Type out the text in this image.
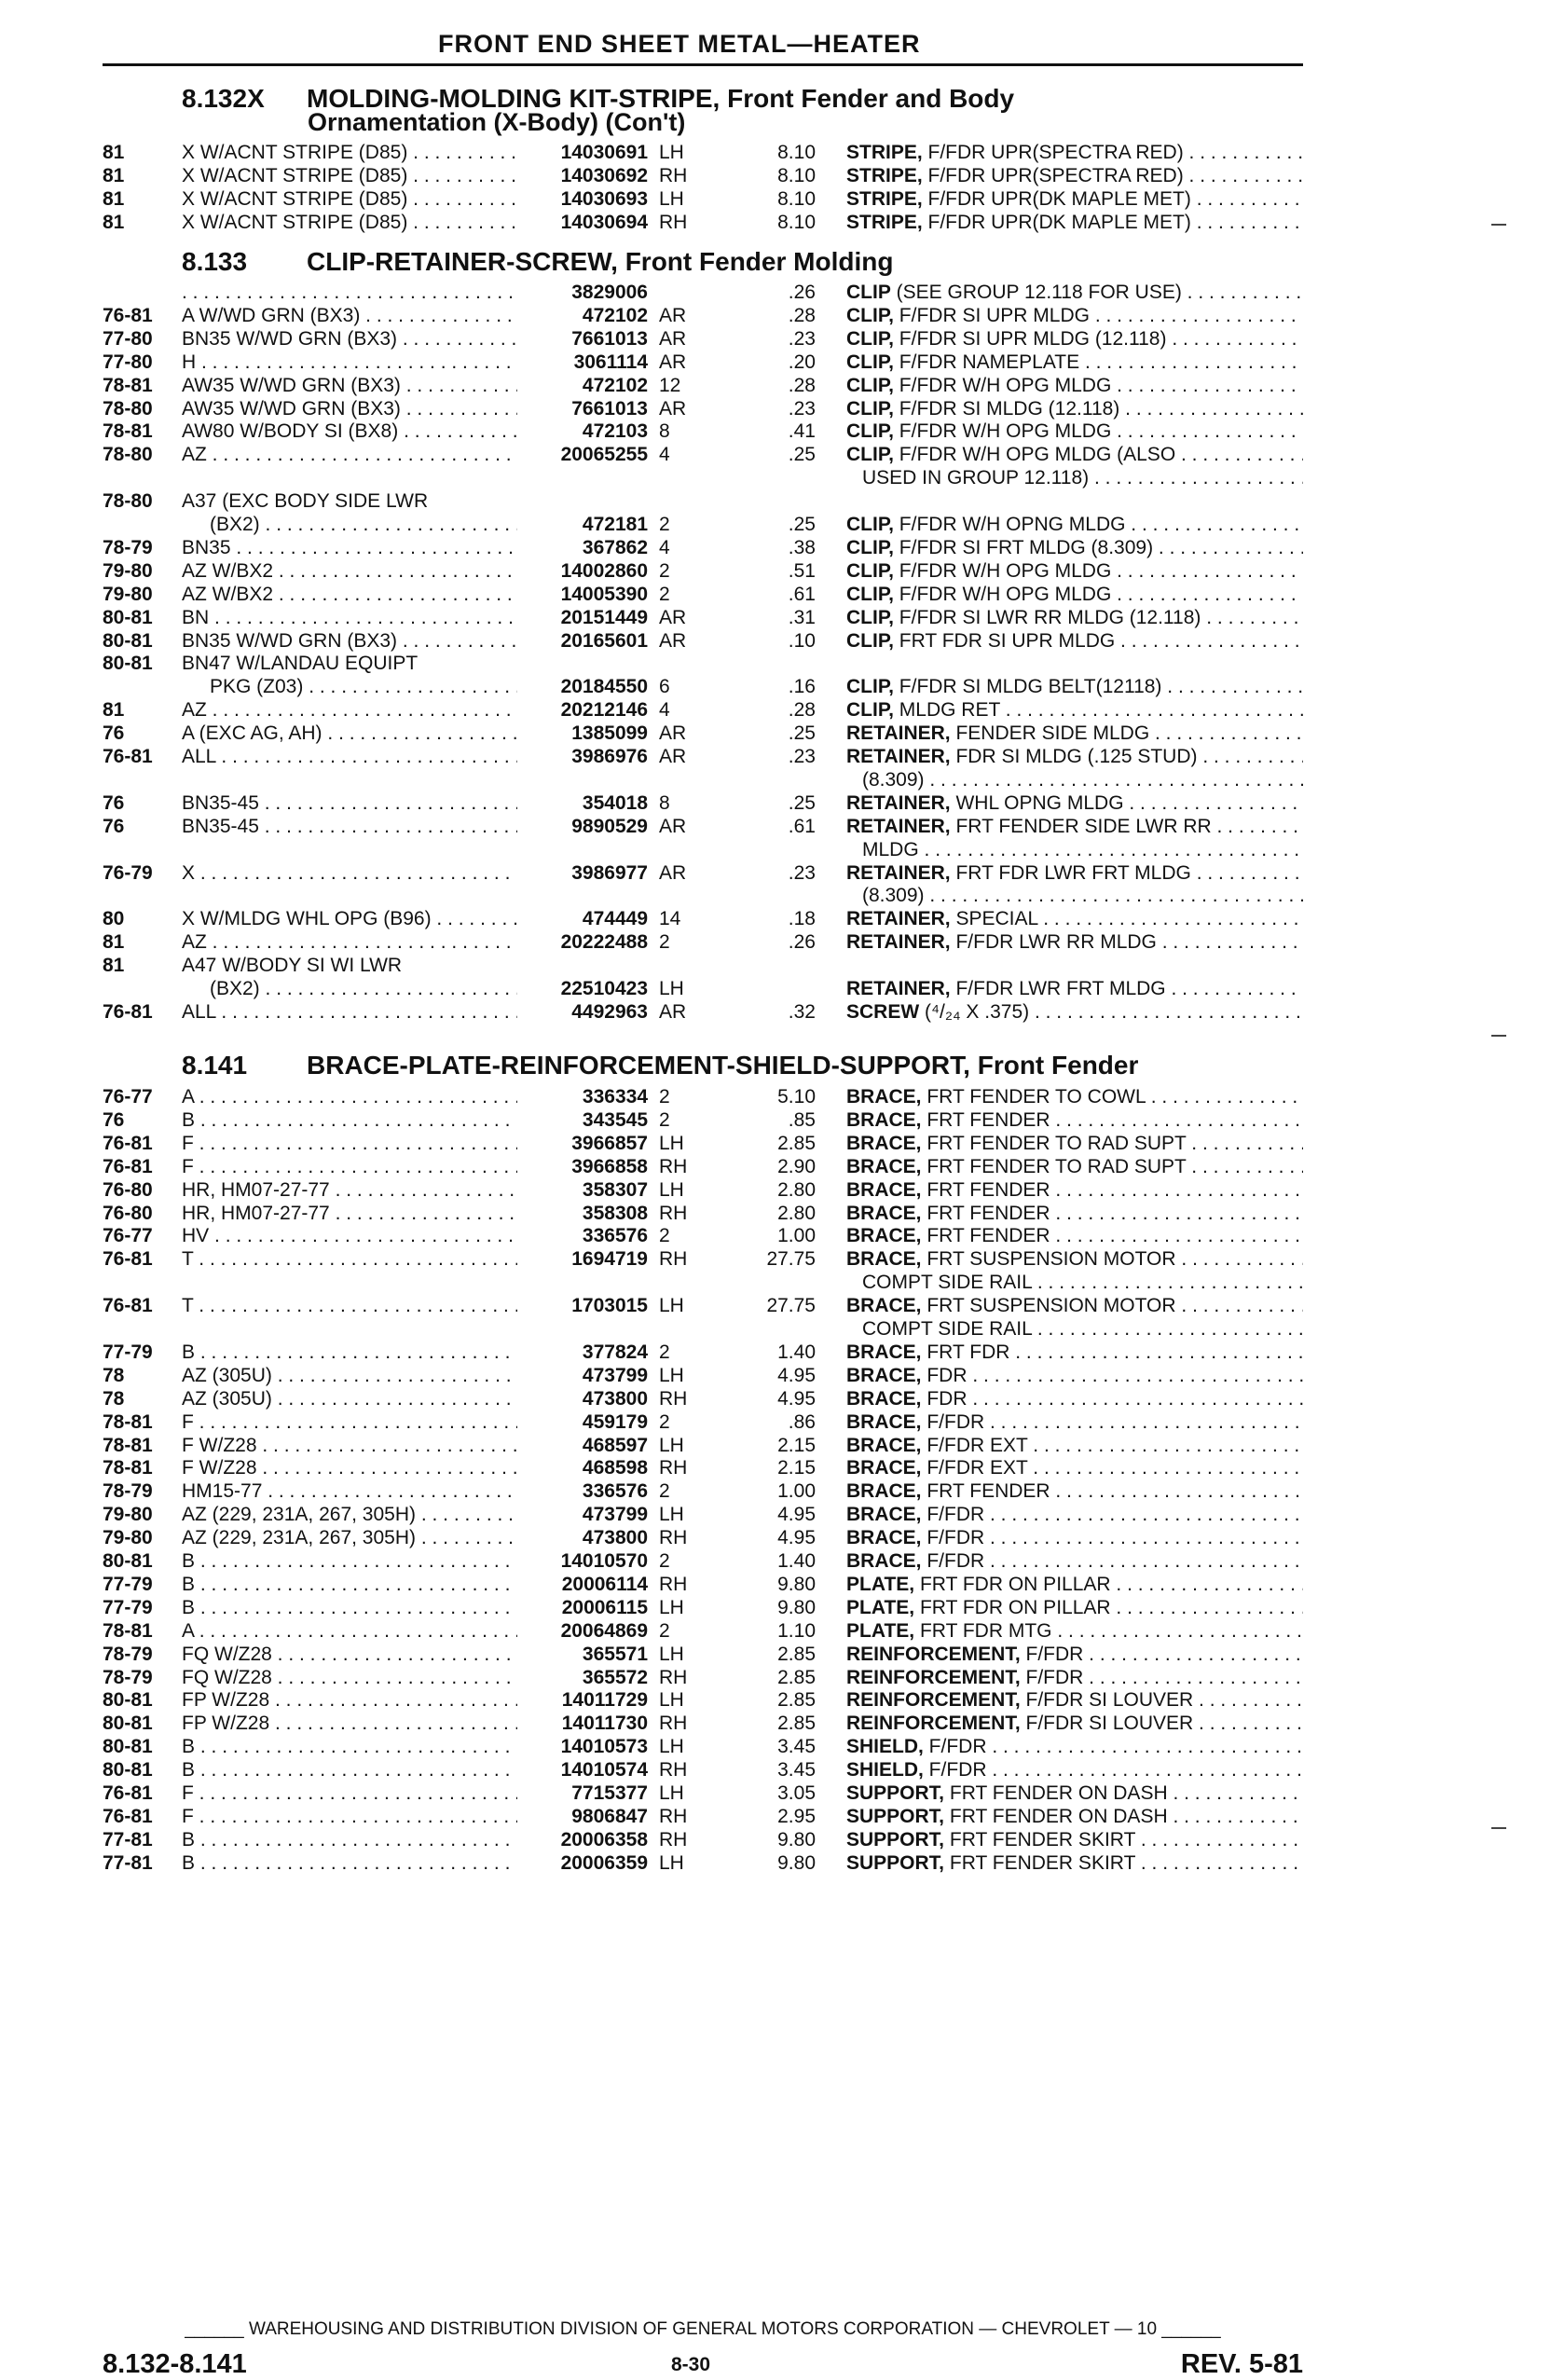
FRONT END SHEET METAL—HEATER
8.132X MOLDING-MOLDING KIT-STRIPE, Front Fender and Body
Ornamentation (X-Body) (Con't)
8.133 CLIP-RETAINER-SCREW, Front Fender Molding
8.141 BRACE-PLATE-REINFORCEMENT-SHIELD-SUPPORT, Front Fender
81	X W/ACNT STRIPE (D85) . . .	14030691 LH	8.10 STRIPE, F/FDR UPR(SPECTRA RED) . . .
81	X W/ACNT STRIPE (D85) . . .	14030692 RH	8.10 STRIPE, F/FDR UPR(SPECTRA RED) . . .
81	X W/ACNT STRIPE (D85) . . .	14030693 LH	8.10 STRIPE, F/FDR UPR(DK MAPLE MET) . . .
81	X W/ACNT STRIPE (D85) . . .	14030694 RH	8.10 STRIPE, F/FDR UPR(DK MAPLE MET) . . .
. . .
3829006	.26 CLIP (SEE GROUP 12.118 FOR USE) . . .
76-81 A W/WD GRN (BX3) . . .	472102 AR	.28 CLIP, F/FDR SI UPR MLDG . . .
77-80 BN35 W/WD GRN (BX3) . . .	7661013 AR	.23 CLIP, F/FDR SI UPR MLDG (12.118) . . .
77-80 H . . .	3061114 AR	.20 CLIP, F/FDR NAMEPLATE . . .
78-81 AW35 W/WD GRN (BX3) . . .	472102 12	.28 CLIP, F/FDR W/H OPG MLDG . . .
78-80 AW35 W/WD GRN (BX3) . . .	7661013 AR	.23 CLIP, F/FDR SI MLDG (12.118) . . .
78-81 AW80 W/BODY SI (BX8) . . .	472103 8	.41 CLIP, F/FDR W/H OPG MLDG . . .
78-80 AZ . . .	20065255 4	.25 CLIP, F/FDR W/H OPG MLDG (ALSO . . .
USED IN GROUP 12.118) . . .
78-80 A37 (EXC BODY SIDE LWR
(BX2) . . .	472181 2	.25 CLIP, F/FDR W/H OPNG MLDG . . .
78-79 BN35 . . .	367862 4	.38 CLIP, F/FDR SI FRT MLDG (8.309) . . .
79-80 AZ W/BX2 . . .	14002860 2	.51 CLIP, F/FDR W/H OPG MLDG . . .
79-80 AZ W/BX2 . . .	14005390 2	.61 CLIP, F/FDR W/H OPG MLDG . . .
80-81 BN . . .	20151449 AR	.31 CLIP, F/FDR SI LWR RR MLDG (12.118) . . .
80-81 BN35 W/WD GRN (BX3) . . .	20165601 AR	.10 CLIP, FRT FDR SI UPR MLDG . . .
80-81 BN47 W/LANDAU EQUIPT
PKG (Z03) . . .	20184550 6	.16 CLIP, F/FDR SI MLDG BELT(12118) . . .
81	AZ . . .	20212146 4	.28 CLIP, MLDG RET . . .
76	A (EXC AG, AH) . . .	1385099 AR	.25 RETAINER, FENDER SIDE MLDG . . .
76-81 ALL . . .	3986976 AR	.23 RETAINER, FDR SI MLDG (.125 STUD) . . .
(8.309) . . .
76	BN35-45 . . .	354018 8	.25 RETAINER, WHL OPNG MLDG . . .
76	BN35-45 . . .	9890529 AR	.61 RETAINER, FRT FENDER SIDE LWR RR . . .
MLDG . . .
76-79 X . . .	3986977 AR	.23 RETAINER, FRT FDR LWR FRT MLDG . . .
(8.309) . . .
80	X W/MLDG WHL OPG (B96) . . .	474449 14	.18 RETAINER, SPECIAL . . .
81	AZ . . .	20222488 2	.26 RETAINER, F/FDR LWR RR MLDG . . .
81	A47 W/BODY SI WI LWR
(BX2) . . .	22510423 LH	RETAINER, F/FDR LWR FRT MLDG . . .
76-81 ALL . . .	4492963 AR	.32 SCREW (⁴/₂₄ X .375) . . .
76-77 A . . .	336334 2	5.10 BRACE, FRT FENDER TO COWL . . .
76	B . . .	343545 2	.85 BRACE, FRT FENDER . . .
76-81 F . . .	3966857 LH	2.85 BRACE, FRT FENDER TO RAD SUPT . . .
76-81 F . . .	3966858 RH	2.90 BRACE, FRT FENDER TO RAD SUPT . . .
76-80 HR, HM07-27-77 . . .	358307 LH	2.80 BRACE, FRT FENDER . . .
76-80 HR, HM07-27-77 . . .	358308 RH	2.80 BRACE, FRT FENDER . . .
76-77 HV . . .	336576 2	1.00 BRACE, FRT FENDER . . .
76-81 T . . .	1694719 RH	27.75 BRACE, FRT SUSPENSION MOTOR . . .
COMPT SIDE RAIL . . .
76-81 T . . .	1703015 LH	27.75 BRACE, FRT SUSPENSION MOTOR . . .
COMPT SIDE RAIL . . .
77-79 B . . .	377824 2	1.40 BRACE, FRT FDR . . .
78	AZ (305U) . . .	473799 LH	4.95 BRACE, FDR . . .
78	AZ (305U) . . .	473800 RH	4.95 BRACE, FDR . . .
78-81 F . . .	459179 2	.86 BRACE, F/FDR . . .
78-81 F W/Z28 . . .	468597 LH	2.15 BRACE, F/FDR EXT . . .
78-81 F W/Z28 . . .	468598 RH	2.15 BRACE, F/FDR EXT . . .
78-79 HM15-77 . . .	336576 2	1.00 BRACE, FRT FENDER . . .
79-80 AZ (229, 231A, 267, 305H) . . .	473799 LH	4.95 BRACE, F/FDR . . .
79-80 AZ (229, 231A, 267, 305H) . . .	473800 RH	4.95 BRACE, F/FDR . . .
80-81 B . . .	14010570 2	1.40 BRACE, F/FDR . . .
77-79 B . . .	20006114 RH	9.80 PLATE, FRT FDR ON PILLAR . . .
77-79 B . . .	20006115 LH	9.80 PLATE, FRT FDR ON PILLAR . . .
78-81 A . . .	20064869 2	1.10 PLATE, FRT FDR MTG . . .
78-79 FQ W/Z28 . . .	365571 LH	2.85 REINFORCEMENT, F/FDR . . .
78-79 FQ W/Z28 . . .	365572 RH	2.85 REINFORCEMENT, F/FDR . . .
80-81 FP W/Z28 . . .	14011729 LH	2.85 REINFORCEMENT, F/FDR SI LOUVER . . .
80-81 FP W/Z28 . . .	14011730 RH	2.85 REINFORCEMENT, F/FDR SI LOUVER . . .
80-81 B . . .	14010573 LH	3.45 SHIELD, F/FDR . . .
80-81 B . . .	14010574 RH	3.45 SHIELD, F/FDR . . .
76-81 F . . .	7715377 LH	3.05 SUPPORT, FRT FENDER ON DASH . . .
76-81 F . . .	9806847 RH	2.95 SUPPORT, FRT FENDER ON DASH . . .
77-81 B . . .	20006358 RH	9.80 SUPPORT, FRT FENDER SKIRT . . .
77-81 B . . .	20006359 LH	9.80 SUPPORT, FRT FENDER SKIRT . . .
______ WAREHOUSING AND DISTRIBUTION DIVISION OF GENERAL MOTORS CORPORATION — CHEVROLET — 10 ______
8.132-8.141	8-30	REV. 5-81
